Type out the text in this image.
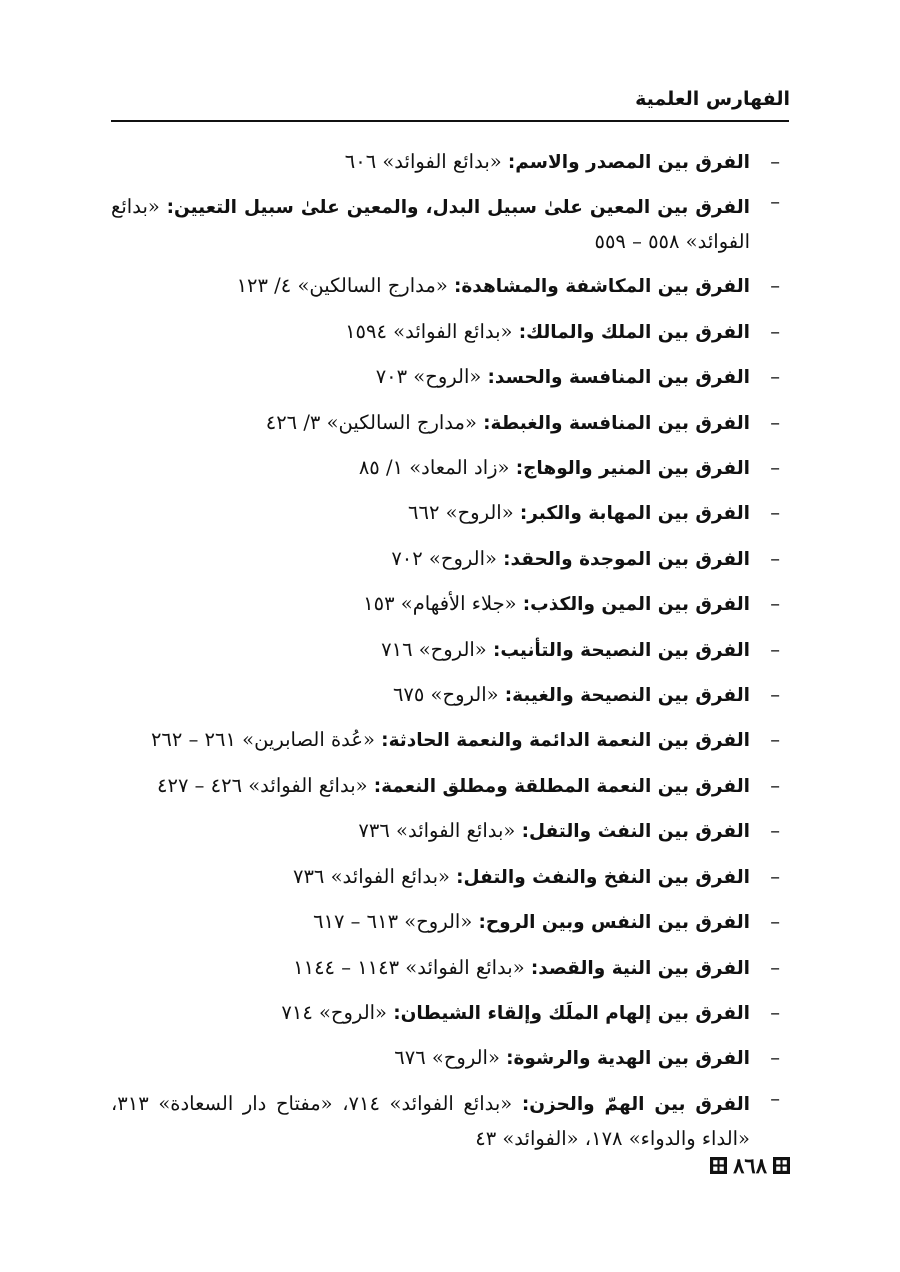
الفهارس العلمية
–
الفرق بين المصدر والاسم: «بدائع الفوائد» ٦٠٦
–
الفرق بين المعين علىٰ سبيل البدل، والمعين علىٰ سبيل التعيين: «بدائع الفوائد» ٥٥٨ – ٥٥٩
–
الفرق بين المكاشفة والمشاهدة: «مدارج السالكين» ٤/ ١٢٣
–
الفرق بين الملك والمالك: «بدائع الفوائد» ١٥٩٤
–
الفرق بين المنافسة والحسد: «الروح» ٧٠٣
–
الفرق بين المنافسة والغبطة: «مدارج السالكين» ٣/ ٤٢٦
–
الفرق بين المنير والوهاج: «زاد المعاد» ١/ ٨٥
–
الفرق بين المهابة والكبر: «الروح» ٦٦٢
–
الفرق بين الموجدة والحقد: «الروح» ٧٠٢
–
الفرق بين المين والكذب: «جلاء الأفهام» ١٥٣
–
الفرق بين النصيحة والتأنيب: «الروح» ٧١٦
–
الفرق بين النصيحة والغيبة: «الروح» ٦٧٥
–
الفرق بين النعمة الدائمة والنعمة الحادثة: «عُدة الصابرين» ٢٦١ – ٢٦٢
–
الفرق بين النعمة المطلقة ومطلق النعمة: «بدائع الفوائد» ٤٢٦ – ٤٢٧
–
الفرق بين النفث والتفل: «بدائع الفوائد» ٧٣٦
–
الفرق بين النفخ والنفث والتفل: «بدائع الفوائد» ٧٣٦
–
الفرق بين النفس وبين الروح: «الروح» ٦١٣ – ٦١٧
–
الفرق بين النية والقصد: «بدائع الفوائد» ١١٤٣ – ١١٤٤
–
الفرق بين إلهام الملَك وإلقاء الشيطان: «الروح» ٧١٤
–
الفرق بين الهدية والرشوة: «الروح» ٦٧٦
–
الفرق بين الهمّ والحزن: «بدائع الفوائد» ٧١٤، «مفتاح دار السعادة» ٣١٣، «الداء والدواء» ١٧٨، «الفوائد» ٤٣
٨٦٨
